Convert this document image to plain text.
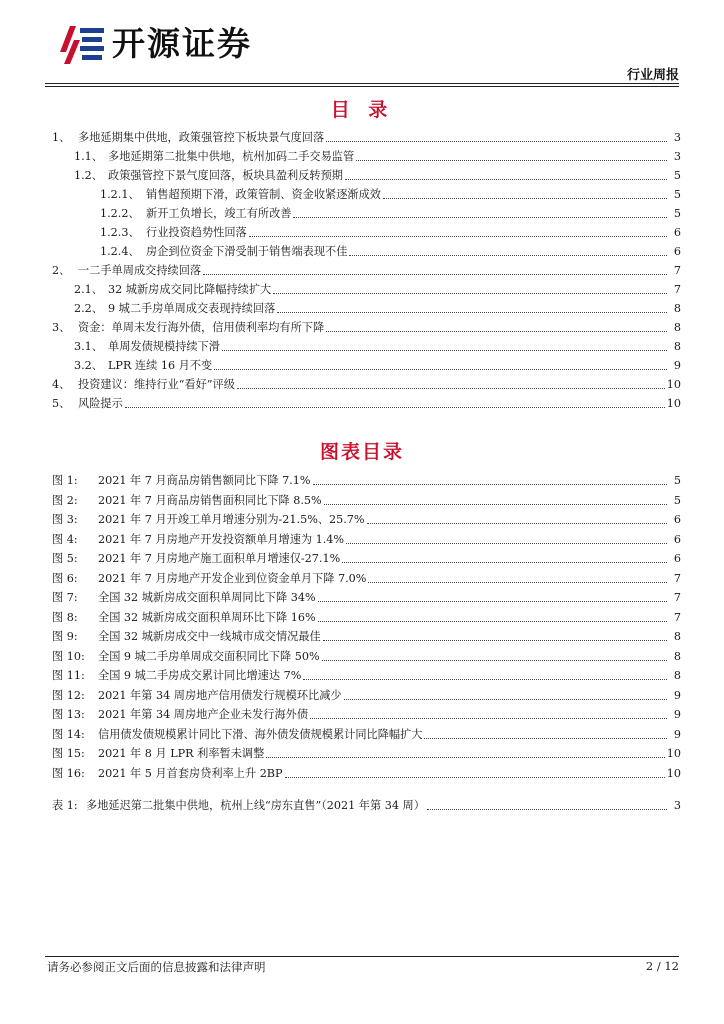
开源证券
行业周报
目 录
1、 多地延期集中供地，政策强管控下板块景气度回落	3
1.1、 多地延期第二批集中供地，杭州加码二手交易监管	3
1.2、 政策强管控下景气度回落，板块具盈利反转预期	5
1.2.1、 销售超预期下滑，政策管制、资金收紧逐渐成效	5
1.2.2、 新开工负增长，竣工有所改善	5
1.2.3、 行业投资趋势性回落	6
1.2.4、 房企到位资金下滑受制于销售端表现不佳	6
2、 一二手单周成交持续回落	7
2.1、 32 城新房成交同比降幅持续扩大	7
2.2、 9 城二手房单周成交表现持续回落	8
3、 资金：单周未发行海外债，信用债利率均有所下降	8
3.1、 单周发债规模持续下滑	8
3.2、 LPR 连续 16 月不变	9
4、 投资建议：维持行业“看好”评级	10
5、 风险提示	10
图表目录
图 1:	2021 年 7 月商品房销售额同比下降 7.1%	5
图 2:	2021 年 7 月商品房销售面积同比下降 8.5%	5
图 3:	2021 年 7 月开竣工单月增速分别为-21.5%、25.7%	6
图 4:	2021 年 7 月房地产开发投资额单月增速为 1.4%	6
图 5:	2021 年 7 月房地产施工面积单月增速仅-27.1%	6
图 6:	2021 年 7 月房地产开发企业到位资金单月下降 7.0%	7
图 7:	全国 32 城新房成交面积单周同比下降 34%	7
图 8:	全国 32 城新房成交面积单周环比下降 16%	7
图 9:	全国 32 城新房成交中一线城市成交情况最佳	8
图 10:	全国 9 城二手房单周成交面积同比下降 50%	8
图 11:	全国 9 城二手房成交累计同比增速达 7%	8
图 12:	2021 年第 34 周房地产信用债发行规模环比减少	9
图 13:	2021 年第 34 周房地产企业未发行海外债	9
图 14:	信用债发债规模累计同比下滑、海外债发债规模累计同比降幅扩大	9
图 15:	2021 年 8 月 LPR 利率暂未调整	10
图 16:	2021 年 5 月首套房贷利率上升 2BP	10
表 1: 多地延迟第二批集中供地，杭州上线“房东直售”（2021 年第 34 周）	3
请务必参阅正文后面的信息披露和法律声明	2 / 12
